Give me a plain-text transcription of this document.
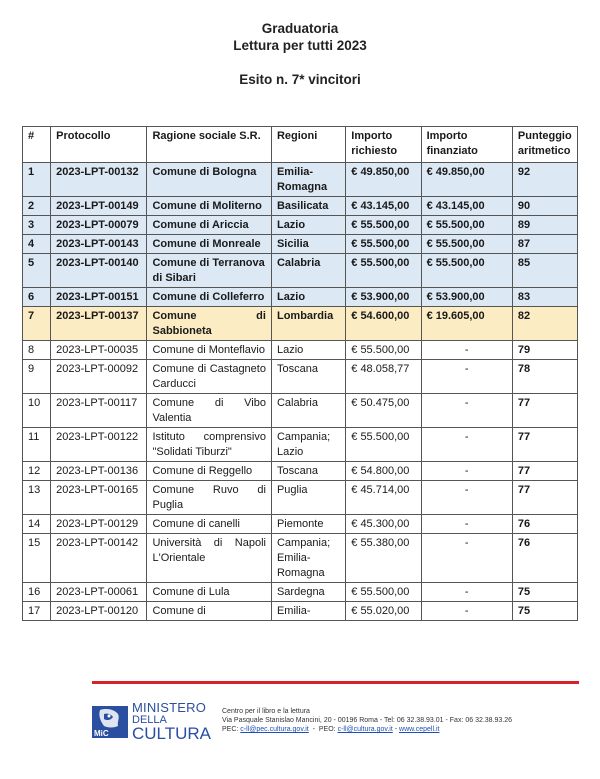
Graduatoria
Lettura per tutti 2023
Esito n. 7* vincitori
#	Protocollo	Ragione sociale S.R.	Regioni	Importo richiesto	Importo finanziato	Punteggio aritmetico
1	2023-LPT-00132	Comune di Bologna	Emilia-Romagna	€ 49.850,00	€ 49.850,00	92
2	2023-LPT-00149	Comune di Moliterno	Basilicata	€ 43.145,00	€ 43.145,00	90
3	2023-LPT-00079	Comune di Ariccia	Lazio	€ 55.500,00	€ 55.500,00	89
4	2023-LPT-00143	Comune di Monreale	Sicilia	€ 55.500,00	€ 55.500,00	87
5	2023-LPT-00140	Comune di Terranova di Sibari	Calabria	€ 55.500,00	€ 55.500,00	85
6	2023-LPT-00151	Comune di Colleferro	Lazio	€ 53.900,00	€ 53.900,00	83
7	2023-LPT-00137	Comune di Sabbioneta	Lombardia	€ 54.600,00	€ 19.605,00	82
8	2023-LPT-00035	Comune di Monteflavio	Lazio	€ 55.500,00	-	79
9	2023-LPT-00092	Comune di Castagneto Carducci	Toscana	€ 48.058,77	-	78
10	2023-LPT-00117	Comune di Vibo Valentia	Calabria	€ 50.475,00	-	77
11	2023-LPT-00122	Istituto comprensivo "Solidati Tiburzi"	Campania; Lazio	€ 55.500,00	-	77
12	2023-LPT-00136	Comune di Reggello	Toscana	€ 54.800,00	-	77
13	2023-LPT-00165	Comune Ruvo di Puglia	Puglia	€ 45.714,00	-	77
14	2023-LPT-00129	Comune di canelli	Piemonte	€ 45.300,00	-	76
15	2023-LPT-00142	Università di Napoli L'Orientale	Campania; Emilia-Romagna	€ 55.380,00	-	76
16	2023-LPT-00061	Comune di Lula	Sardegna	€ 55.500,00	-	75
17	2023-LPT-00120	Comune di	Emilia-	€ 55.020,00	-	75
MiC
MINISTERO
DELLA
CULTURA
Centro per il libro e la lettura
Via Pasquale Stanislao Mancini, 20 - 00196 Roma - Tel: 06 32.38.93.01 - Fax: 06 32.38.93.26
PEC: c-ll@pec.cultura.gov.it  -  PEO: c-ll@cultura.gov.it - www.cepell.it
